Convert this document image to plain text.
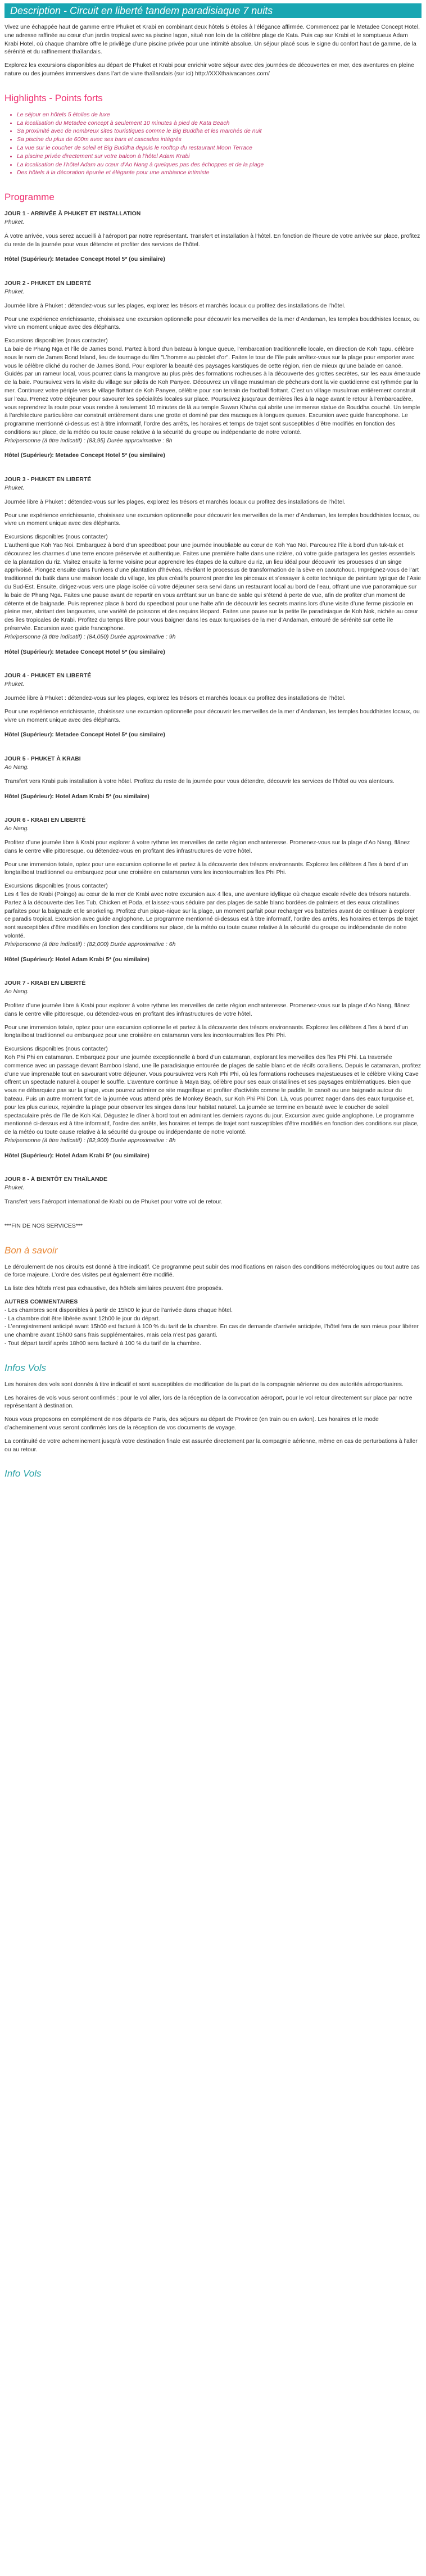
Description - Circuit en liberté tandem paradisiaque 7 nuits

Vivez une échappée haut de gamme entre Phuket et Krabi en combinant deux hôtels 5 étoiles à l’élégance affirmée. Commencez par le Metadee Concept Hotel, une adresse raffinée au cœur d’un jardin tropical avec sa piscine lagon, situé non loin de la célèbre plage de Kata. Puis cap sur Krabi et le somptueux Adam Krabi Hotel, où chaque chambre offre le privilège d’une piscine privée pour une intimité absolue. Un séjour placé sous le signe du confort haut de gamme, de la sérénité et du raffinement thaïlandais.

Explorez les excursions disponibles au départ de Phuket et Krabi pour enrichir votre séjour avec des journées de découvertes en mer, des aventures en pleine nature ou des journées immersives dans l’art de vivre thaïlandais (sur ici) http://XXXthaivacances.com/

Highlights - Points forts
• Le séjour en hôtels 5 étoiles de luxe
• La localisation du Metadee concept à seulement 10 minutes à pied de Kata Beach
• Sa proximité avec de nombreux sites touristiques comme le Big Buddha et les marchés de nuit
• Sa piscine du plus de 600m avec ses bars et cascades intégrés
• La vue sur le coucher de soleil et Big Buddha depuis le rooftop du restaurant Moon Terrace
• La piscine privée directement sur votre balcon à l’hôtel Adam Krabi
• La localisation de l’hôtel Adam au cœur d’Ao Nang à quelques pas des échoppes et de la plage
• Des hôtels à la décoration épurée et élégante pour une ambiance intimiste
Programme

JOUR 1 - ARRIVÉE À PHUKET ET INSTALLATION

Phuket.

À votre arrivée, vous serez accueilli à l’aéroport par notre représentant. Transfert et installation à l’hôtel. En fonction de l’heure de votre arrivée sur place, profitez du reste de la journée pour vous détendre et profiter des services de l’hôtel.

Hôtel (Supérieur): Metadee Concept Hotel 5* (ou similaire)

JOUR 2 - PHUKET EN LIBERTÉ

Phuket.

Journée libre à Phuket : détendez-vous sur les plages, explorez les trésors et marchés locaux ou profitez des installations de l’hôtel.

Pour une expérience enrichissante, choisissez une excursion optionnelle pour découvrir les merveilles de la mer d’Andaman, les temples bouddhistes locaux, ou vivre un moment unique avec des éléphants.

Excursions disponibles (nous contacter)

La baie de Phang Nga et l’île de James Bond. Partez à bord d’un bateau à longue queue, l’embarcation traditionnelle locale, en direction de Koh Tapu, célèbre sous le nom de James Bond Island, lieu de tournage du film "L’homme au pistolet d’or". Faites le tour de l’île puis arrêtez-vous sur la plage pour emporter avec vous le célèbre cliché du rocher de James Bond. Pour explorer la beauté des paysages karstiques de cette région, rien de mieux qu’une balade en canoë. Guidés par un rameur local, vous pourrez dans la mangrove au plus près des formations rocheuses à la découverte des grottes secrètes, sur les eaux émeraude de la baie. Poursuivez vers la visite du village sur pilotis de Koh Panyee. Découvrez un village musulman de pêcheurs dont la vie quotidienne est rythmée par la mer. Continuez votre périple vers le village flottant de Koh Panyee, célèbre pour son terrain de football flottant. C’est un village musulman entièrement construit sur l’eau. Prenez votre déjeuner pour savourer les spécialités locales sur place. Poursuivez jusqu’aux dernières îles à la nage avant le retour à l’embarcadère, vous reprendrez la route pour vous rendre à seulement 10 minutes de là au temple Suwan Khuha qui abrite une immense statue de Bouddha couché. Un temple à l’architecture particulière car construit entièrement dans une grotte et dominé par des macaques à longues queues. Excursion avec guide francophone. Le programme mentionné ci-dessus est à titre informatif, l’ordre des arrêts, les horaires et temps de trajet sont susceptibles d’être modifiés en fonction des conditions sur place, de la météo ou toute cause relative à la sécurité du groupe ou indépendante de notre volonté.

Prix/personne (à titre indicatif) : (83,95) Durée approximative : 8h

Hôtel (Supérieur): Metadee Concept Hotel 5* (ou similaire)

JOUR 3 - PHUKET EN LIBERTÉ

Phuket.

Journée libre à Phuket : détendez-vous sur les plages, explorez les trésors et marchés locaux ou profitez des installations de l’hôtel.

Pour une expérience enrichissante, choisissez une excursion optionnelle pour découvrir les merveilles de la mer d’Andaman, les temples bouddhistes locaux, ou vivre un moment unique avec des éléphants.

Excursions disponibles (nous contacter)

L’authentique Koh Yao Noi. Embarquez à bord d’un speedboat pour une journée inoubliable au cœur de Koh Yao Noi. Parcourez l’île à bord d’un tuk-tuk et découvrez les charmes d’une terre encore préservée et authentique. Faites une première halte dans une rizière, où votre guide partagera les gestes essentiels de la plantation du riz. Visitez ensuite la ferme voisine pour apprendre les étapes de la culture du riz, un lieu idéal pour découvrir les prouesses d’un singe apprivoisé. Plongez ensuite dans l’univers d’une plantation d’hévéas, révélant le processus de transformation de la sève en caoutchouc. Imprégnez-vous de l’art traditionnel du batik dans une maison locale du village, les plus créatifs pourront prendre les pinceaux et s’essayer à cette technique de peinture typique de l’Asie du Sud-Est. Ensuite, dirigez-vous vers une plage isolée où votre déjeuner sera servi dans un restaurant local au bord de l’eau, offrant une vue panoramique sur la baie de Phang Nga. Faites une pause avant de repartir en vous arrêtant sur un banc de sable qui s’étend à perte de vue, afin de profiter d’un moment de détente et de baignade. Puis reprenez place à bord du speedboat pour une halte afin de découvrir les secrets marins lors d’une visite d’une ferme piscicole en pleine mer, abritant des langoustes, une variété de poissons et des requins léopard. Faites une pause sur la petite île paradisiaque de Koh Nok, nichée au cœur des îles tropicales de Krabi. Profitez du temps libre pour vous baigner dans les eaux turquoises de la mer d’Andaman, entouré de sérénité sur cette île préservée. Excursion avec guide francophone.

Prix/personne (à titre indicatif) : (84,050) Durée approximative : 9h

Hôtel (Supérieur): Metadee Concept Hotel 5* (ou similaire)

JOUR 4 - PHUKET EN LIBERTÉ

Phuket.

Journée libre à Phuket : détendez-vous sur les plages, explorez les trésors et marchés locaux ou profitez des installations de l’hôtel.

Pour une expérience enrichissante, choisissez une excursion optionnelle pour découvrir les merveilles de la mer d’Andaman, les temples bouddhistes locaux, ou vivre un moment unique avec des éléphants.

Hôtel (Supérieur): Metadee Concept Hotel 5* (ou similaire)

JOUR 5 - PHUKET À KRABI

Ao Nang.

Transfert vers Krabi puis installation à votre hôtel. Profitez du reste de la journée pour vous détendre, découvrir les services de l’hôtel ou vos alentours.

Hôtel (Supérieur): Hotel Adam Krabi 5* (ou similaire)

JOUR 6 - KRABI EN LIBERTÉ

Ao Nang.

Profitez d’une journée libre à Krabi pour explorer à votre rythme les merveilles de cette région enchanteresse. Promenez-vous sur la plage d’Ao Nang, flânez dans le centre ville pittoresque, ou détendez-vous en profitant des infrastructures de votre hôtel.

Pour une immersion totale, optez pour une excursion optionnelle et partez à la découverte des trésors environnants. Explorez les célèbres 4 îles à bord d’un longtailboat traditionnel ou embarquez pour une croisière en catamaran vers les incontournables îles Phi Phi.

Excursions disponibles (nous contacter)

Les 4 îles de Krabi (Poingo) au cœur de la mer de Krabi avec notre excursion aux 4 îles, une aventure idyllique où chaque escale révèle des trésors naturels. Partez à la découverte des îles Tub, Chicken et Poda, et laissez-vous séduire par des plages de sable blanc bordées de palmiers et des eaux cristallines parfaites pour la baignade et le snorkeling. Profitez d’un pique-nique sur la plage, un moment parfait pour recharger vos batteries avant de continuer à explorer ce paradis tropical. Excursion avec guide anglophone. Le programme mentionné ci-dessus est à titre informatif, l’ordre des arrêts, les horaires et temps de trajet sont susceptibles d’être modifiés en fonction des conditions sur place, de la météo ou toute cause relative à la sécurité du groupe ou indépendante de notre volonté.

Prix/personne (à titre indicatif) : (82,000) Durée approximative : 6h

Hôtel (Supérieur): Hotel Adam Krabi 5* (ou similaire)

JOUR 7 - KRABI EN LIBERTÉ

Ao Nang.

Profitez d’une journée libre à Krabi pour explorer à votre rythme les merveilles de cette région enchanteresse. Promenez-vous sur la plage d’Ao Nang, flânez dans le centre ville pittoresque, ou détendez-vous en profitant des infrastructures de votre hôtel.

Pour une immersion totale, optez pour une excursion optionnelle et partez à la découverte des trésors environnants. Explorez les célèbres 4 îles à bord d’un longtailboat traditionnel ou embarquez pour une croisière en catamaran vers les incontournables îles Phi Phi.

Excursions disponibles (nous contacter)

Koh Phi Phi en catamaran. Embarquez pour une journée exceptionnelle à bord d’un catamaran, explorant les merveilles des îles Phi Phi. La traversée commence avec un passage devant Bamboo Island, une île paradisiaque entourée de plages de sable blanc et de récifs coralliens. Depuis le catamaran, profitez d’une vue imprenable tout en savourant votre déjeuner. Vous poursuivrez vers Koh Phi Phi, où les formations rocheuses majestueuses et le célèbre Viking Cave offrent un spectacle naturel à couper le souffle. L’aventure continue à Maya Bay, célèbre pour ses eaux cristallines et ses paysages emblématiques. Bien que vous ne débarquiez pas sur la plage, vous pourrez admirer ce site magnifique et profiter d’activités comme le paddle, le canoë ou une baignade autour du bateau. Puis un autre moment fort de la journée vous attend près de Monkey Beach, sur Koh Phi Phi Don. Là, vous pourrez nager dans des eaux turquoise et, pour les plus curieux, rejoindre la plage pour observer les singes dans leur habitat naturel. La journée se termine en beauté avec le coucher de soleil spectaculaire près de l’île de Koh Kai. Dégustez le dîner à bord tout en admirant les derniers rayons du jour. Excursion avec guide anglophone. Le programme mentionné ci-dessus est à titre informatif, l’ordre des arrêts, les horaires et temps de trajet sont susceptibles d’être modifiés en fonction des conditions sur place, de la météo ou toute cause relative à la sécurité du groupe ou indépendante de notre volonté.

Prix/personne (à titre indicatif) : (82,900) Durée approximative : 8h

Hôtel (Supérieur): Hotel Adam Krabi 5* (ou similaire)

JOUR 8 - À BIENTÔT EN THAÏLANDE

Phuket.

Transfert vers l’aéroport international de Krabi ou de Phuket pour votre vol de retour.

***FIN DE NOS SERVICES***

Bon à savoir

Le déroulement de nos circuits est donné à titre indicatif. Ce programme peut subir des modifications en raison des conditions météorologiques ou tout autre cas de force majeure. L’ordre des visites peut également être modifié.

La liste des hôtels n’est pas exhaustive, des hôtels similaires peuvent être proposés.

AUTRES COMMENTAIRES

- Les chambres sont disponibles à partir de 15h00 le jour de l’arrivée dans chaque hôtel.

- La chambre doit être libérée avant 12h00 le jour du départ.

- L’enregistrement anticipé avant 15h00 est facturé à 100 % du tarif de la chambre. En cas de demande d’arrivée anticipée, l’hôtel fera de son mieux pour libérer une chambre avant 15h00 sans frais supplémentaires, mais cela n’est pas garanti.

- Tout départ tardif après 18h00 sera facturé à 100 % du tarif de la chambre.

Infos Vols

Les horaires des vols sont donnés à titre indicatif et sont susceptibles de modification de la part de la compagnie aérienne ou des autorités aéroportuaires.

Les horaires de vols vous seront confirmés : pour le vol aller, lors de la réception de la convocation aéroport, pour le vol retour directement sur place par notre représentant à destination.

Nous vous proposons en complément de nos départs de Paris, des séjours au départ de Province (en train ou en avion). Les horaires et le mode d’acheminement vous seront confirmés lors de la réception de vos documents de voyage.

La continuité de votre acheminement jusqu’à votre destination finale est assurée directement par la compagnie aérienne, même en cas de perturbations à l’aller ou au retour.

Info Vols
